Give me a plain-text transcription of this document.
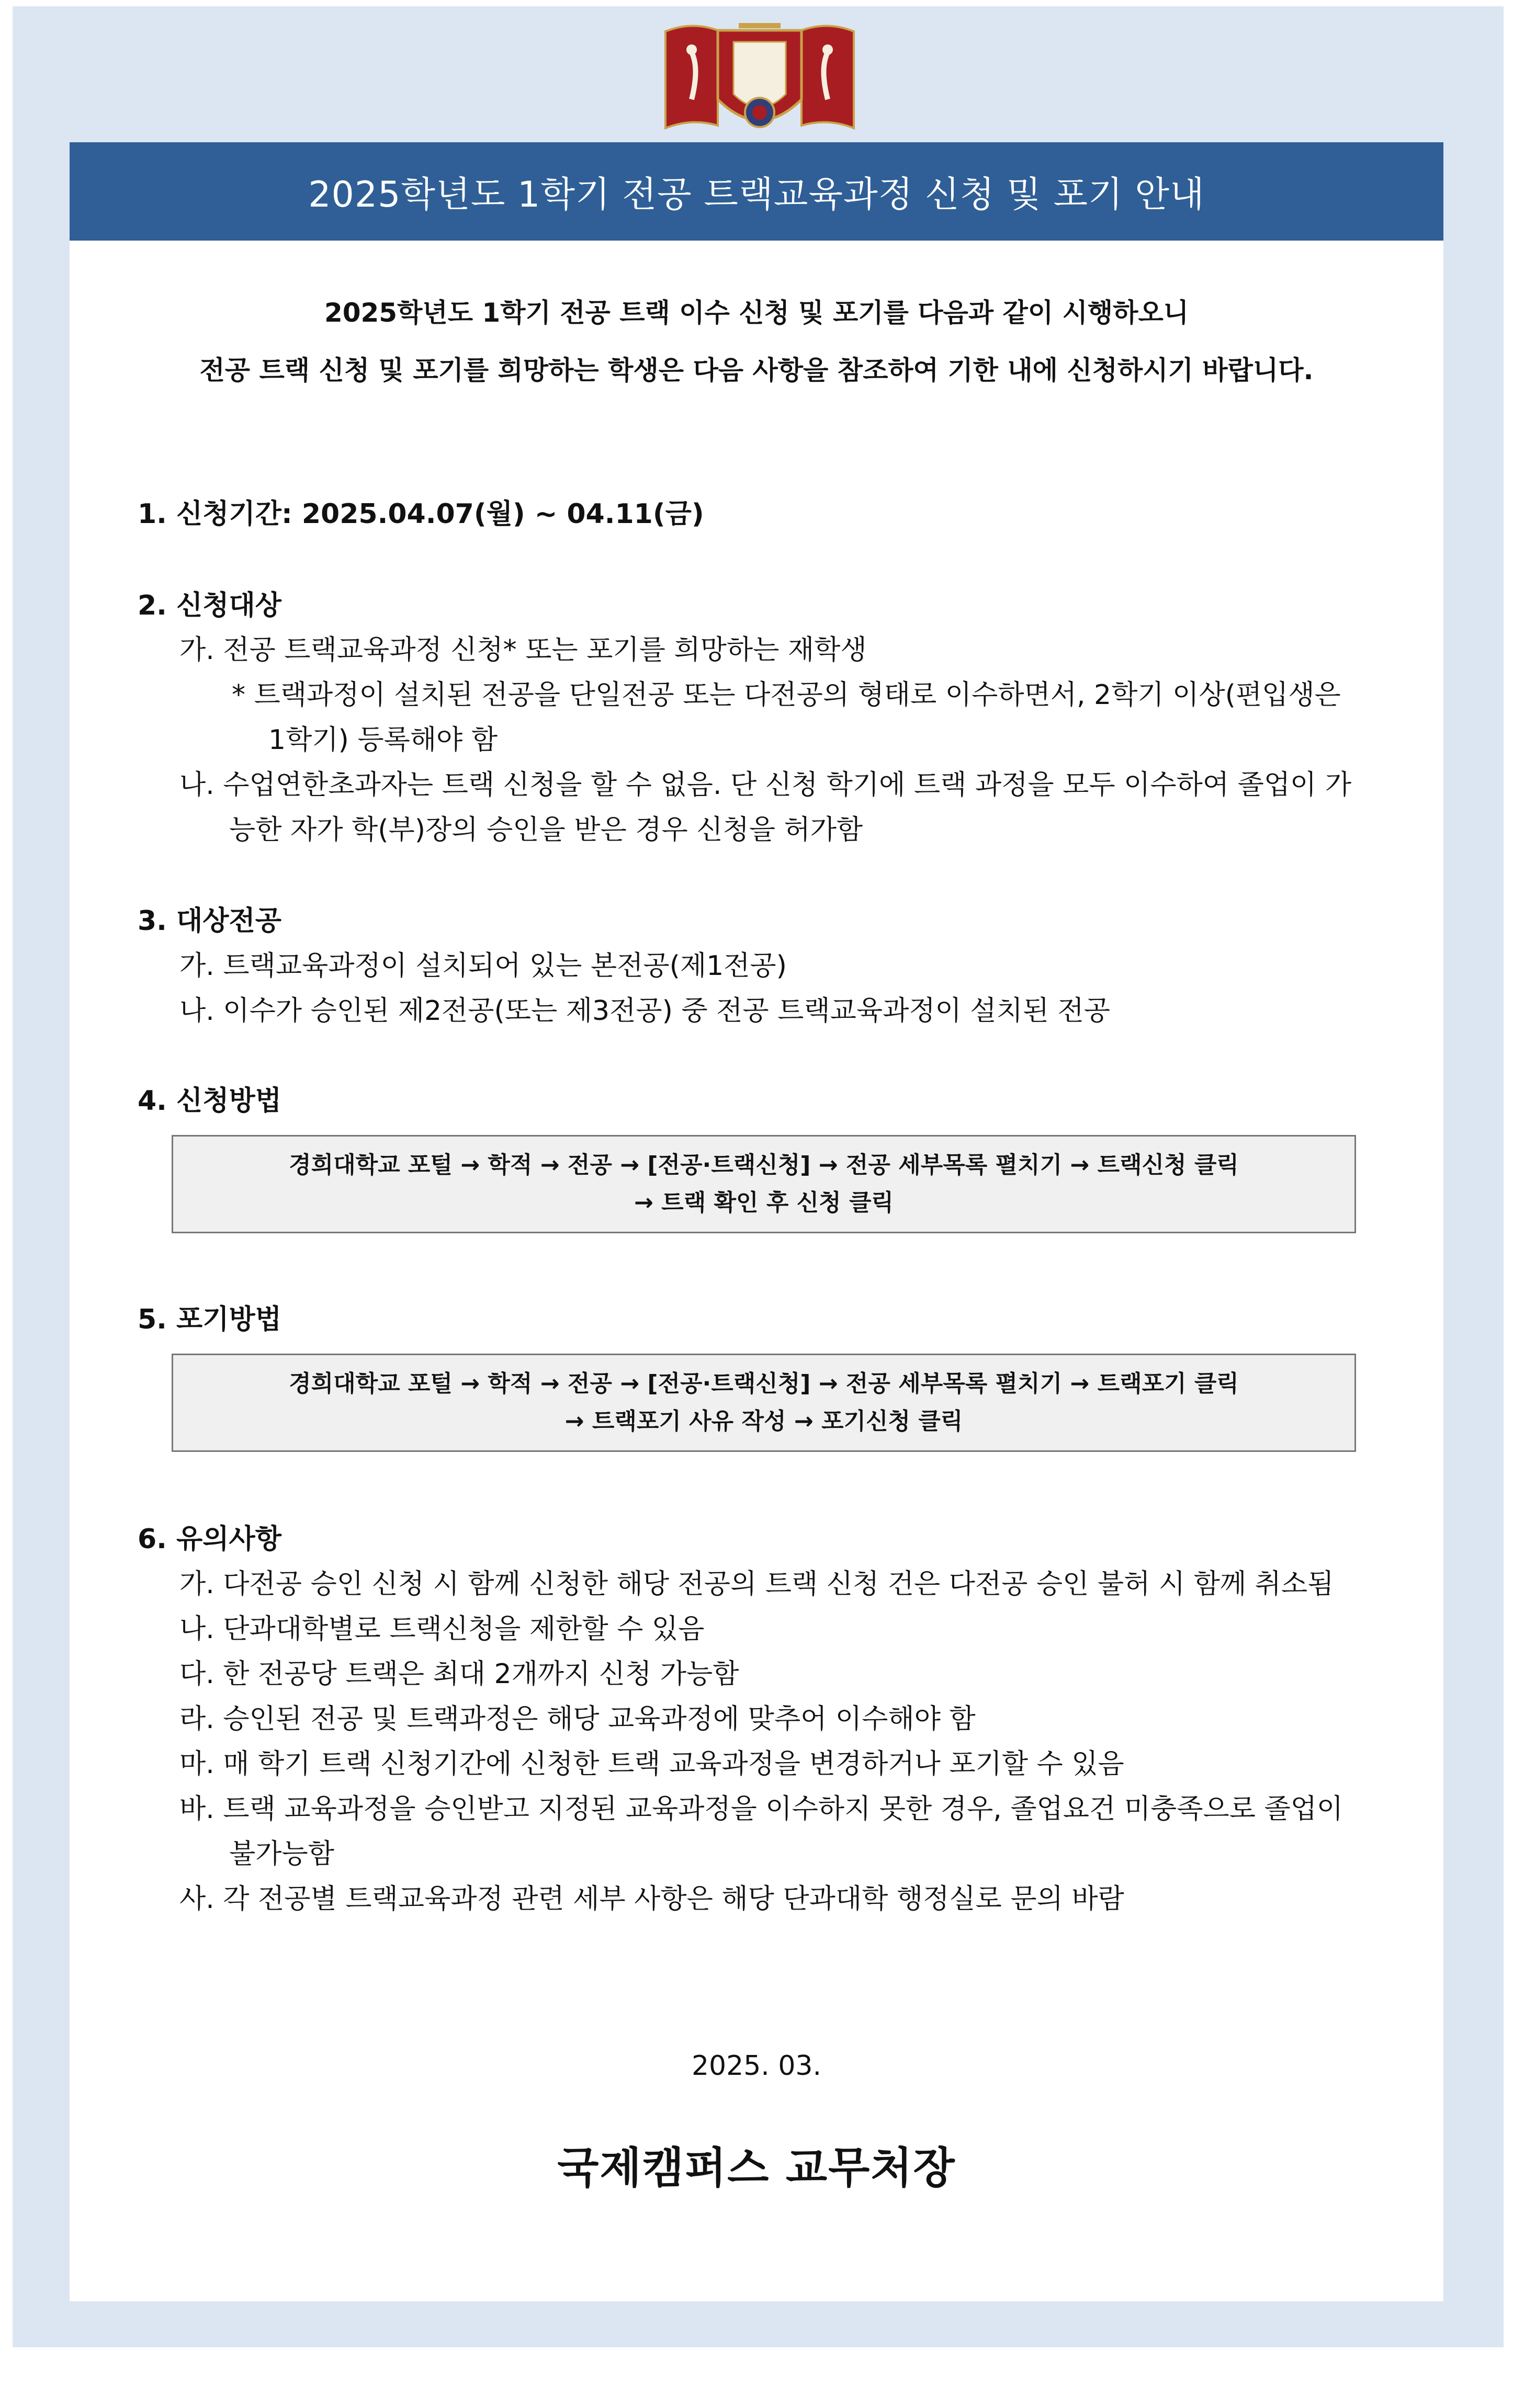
2025학년도 1학기 전공 트랙교육과정 신청 및 포기 안내
2025학년도 1학기 전공 트랙 이수 신청 및 포기를 다음과 같이 시행하오니
전공 트랙 신청 및 포기를 희망하는 학생은 다음 사항을 참조하여 기한 내에 신청하시기 바랍니다.
1. 신청기간: 2025.04.07(월) ~ 04.11(금)
2. 신청대상
가. 전공 트랙교육과정 신청* 또는 포기를 희망하는 재학생
* 트랙과정이 설치된 전공을 단일전공 또는 다전공의 형태로 이수하면서, 2학기 이상(편입생은
1학기) 등록해야 함
나. 수업연한초과자는 트랙 신청을 할 수 없음. 단 신청 학기에 트랙 과정을 모두 이수하여 졸업이 가
능한 자가 학(부)장의 승인을 받은 경우 신청을 허가함
3. 대상전공
가. 트랙교육과정이 설치되어 있는 본전공(제1전공)
나. 이수가 승인된 제2전공(또는 제3전공) 중 전공 트랙교육과정이 설치된 전공
4. 신청방법
경희대학교 포털 → 학적 → 전공 → [전공·트랙신청] → 전공 세부목록 펼치기 → 트랙신청 클릭
→ 트랙 확인 후 신청 클릭
5. 포기방법
경희대학교 포털 → 학적 → 전공 → [전공·트랙신청] → 전공 세부목록 펼치기 → 트랙포기 클릭
→ 트랙포기 사유 작성 → 포기신청 클릭
6. 유의사항
가. 다전공 승인 신청 시 함께 신청한 해당 전공의 트랙 신청 건은 다전공 승인 불허 시 함께 취소됨
나. 단과대학별로 트랙신청을 제한할 수 있음
다. 한 전공당 트랙은 최대 2개까지 신청 가능함
라. 승인된 전공 및 트랙과정은 해당 교육과정에 맞추어 이수해야 함
마. 매 학기 트랙 신청기간에 신청한 트랙 교육과정을 변경하거나 포기할 수 있음
바. 트랙 교육과정을 승인받고 지정된 교육과정을 이수하지 못한 경우, 졸업요건 미충족으로 졸업이
불가능함
사. 각 전공별 트랙교육과정 관련 세부 사항은 해당 단과대학 행정실로 문의 바람
2025. 03.
국제캠퍼스 교무처장
